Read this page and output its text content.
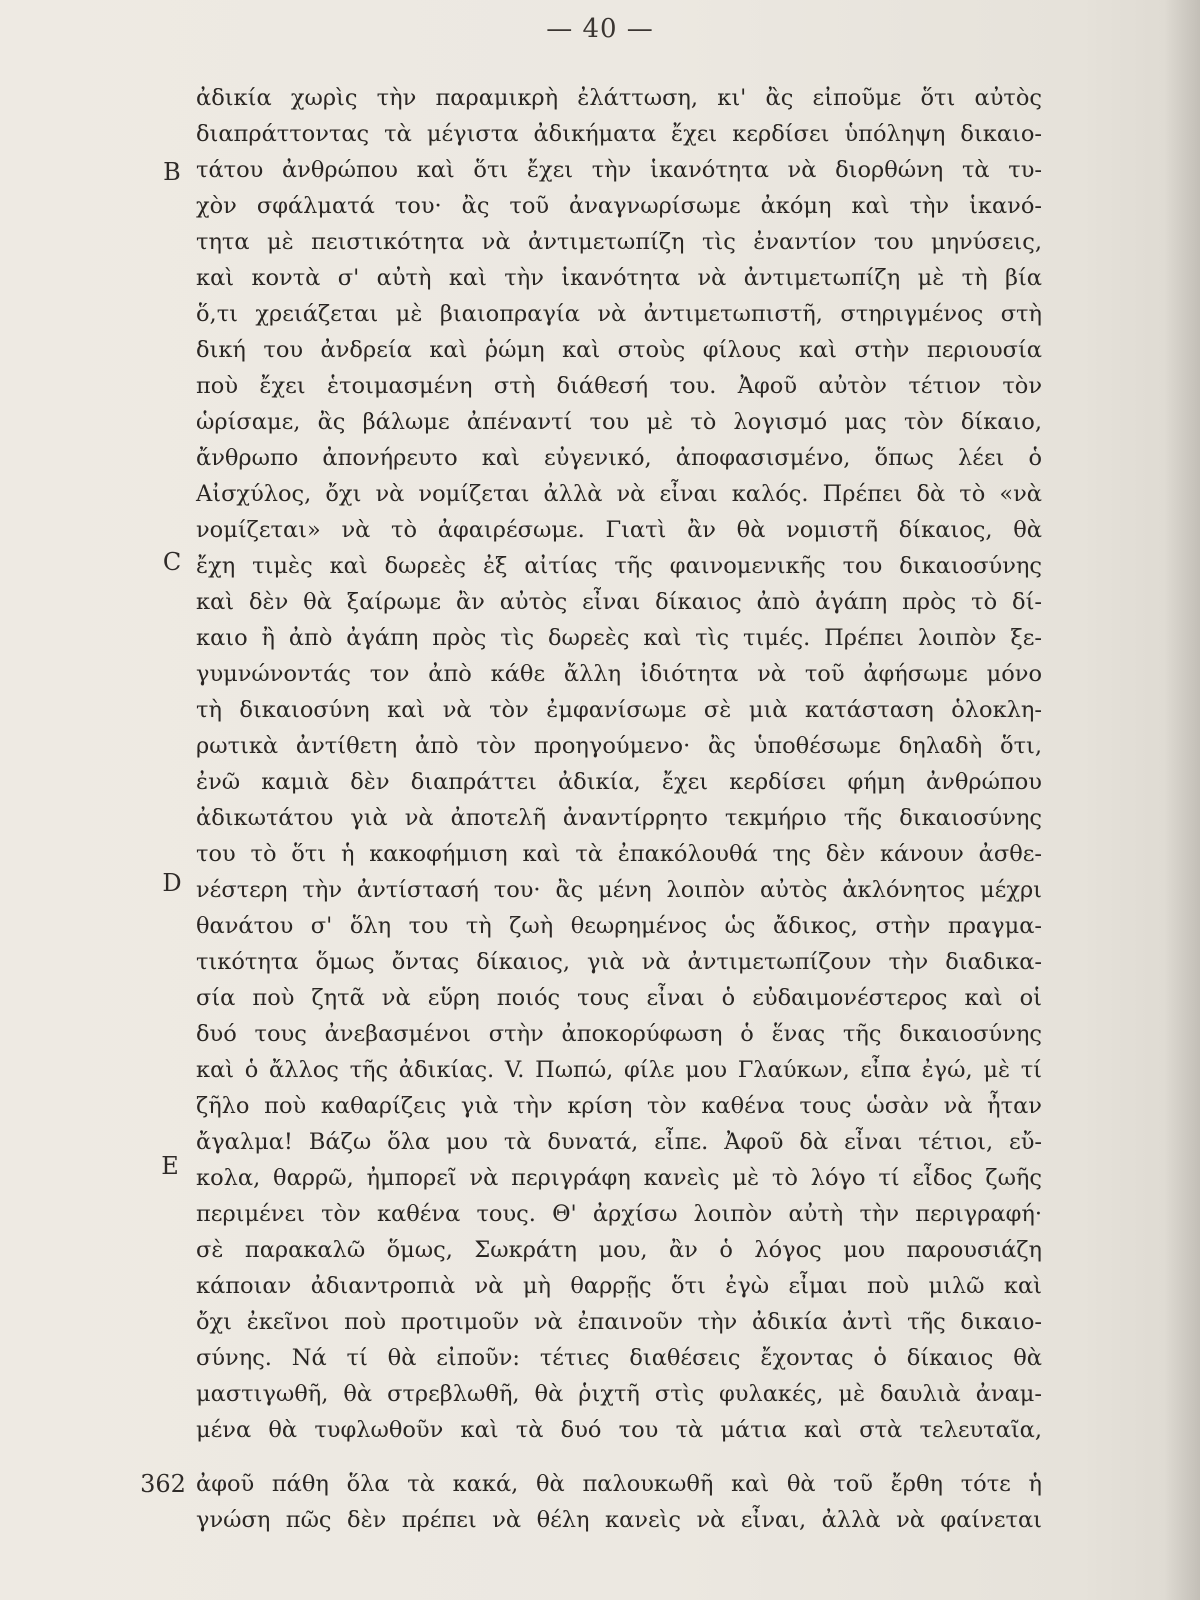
— 40 —
B
C
D
E
362
ἀδικία χωρὶς τὴν παραμικρὴ ἐλάττωση, κι' ἂς εἰποῦμε ὅτι αὐτὸς
διαπράττοντας τὰ μέγιστα ἀδικήματα ἔχει κερδίσει ὑπόληψη δικαιο-
τάτου ἀνθρώπου καὶ ὅτι ἔχει τὴν ἱκανότητα νὰ διορθώνη τὰ τυ-
χὸν σφάλματά του· ἂς τοῦ ἀναγνωρίσωμε ἀκόμη καὶ τὴν ἱκανό-
τητα μὲ πειστικότητα νὰ ἀντιμετωπίζη τὶς ἐναντίον του μηνύσεις,
καὶ κοντὰ σ' αὐτὴ καὶ τὴν ἱκανότητα νὰ ἀντιμετωπίζη μὲ τὴ βία
ὅ,τι χρειάζεται μὲ βιαιοπραγία νὰ ἀντιμετωπιστῆ, στηριγμένος στὴ
δική του ἀνδρεία καὶ ῥώμη καὶ στοὺς φίλους καὶ στὴν περιουσία
ποὺ ἔχει ἑτοιμασμένη στὴ διάθεσή του. Ἀφοῦ αὐτὸν τέτιον τὸν
ὡρίσαμε, ἂς βάλωμε ἀπέναντί του μὲ τὸ λογισμό μας τὸν δίκαιο,
ἄνθρωπο ἀπονήρευτο καὶ εὐγενικό, ἀποφασισμένο, ὅπως λέει ὁ
Αἰσχύλος, ὄχι νὰ νομίζεται ἀλλὰ νὰ εἶναι καλός. Πρέπει δὰ τὸ «νὰ
νομίζεται» νὰ τὸ ἀφαιρέσωμε. Γιατὶ ἂν θὰ νομιστῆ δίκαιος, θὰ
ἔχη τιμὲς καὶ δωρεὲς ἐξ αἰτίας τῆς φαινομενικῆς του δικαιοσύνης
καὶ δὲν θὰ ξαίρωμε ἂν αὐτὸς εἶναι δίκαιος ἀπὸ ἀγάπη πρὸς τὸ δί-
καιο ἢ ἀπὸ ἀγάπη πρὸς τὶς δωρεὲς καὶ τὶς τιμές. Πρέπει λοιπὸν ξε-
γυμνώνοντάς τον ἀπὸ κάθε ἄλλη ἰδιότητα νὰ τοῦ ἀφήσωμε μόνο
τὴ δικαιοσύνη καὶ νὰ τὸν ἐμφανίσωμε σὲ μιὰ κατάσταση ὁλοκλη-
ρωτικὰ ἀντίθετη ἀπὸ τὸν προηγούμενο· ἂς ὑποθέσωμε δηλαδὴ ὅτι,
ἐνῶ καμιὰ δὲν διαπράττει ἀδικία, ἔχει κερδίσει φήμη ἀνθρώπου
ἀδικωτάτου γιὰ νὰ ἀποτελῆ ἀναντίρρητο τεκμήριο τῆς δικαιοσύνης
του τὸ ὅτι ἡ κακοφήμιση καὶ τὰ ἐπακόλουθά της δὲν κάνουν ἀσθε-
νέστερη τὴν ἀντίστασή του· ἂς μένη λοιπὸν αὐτὸς ἀκλόνητος μέχρι
θανάτου σ' ὅλη του τὴ ζωὴ θεωρημένος ὡς ἄδικος, στὴν πραγμα-
τικότητα ὅμως ὄντας δίκαιος, γιὰ νὰ ἀντιμετωπίζουν τὴν διαδικα-
σία ποὺ ζητᾶ νὰ εὕρη ποιός τους εἶναι ὁ εὐδαιμονέστερος καὶ οἱ
δυό τους ἀνεβασμένοι στὴν ἀποκορύφωση ὁ ἕνας τῆς δικαιοσύνης
καὶ ὁ ἄλλος τῆς ἀδικίας. V. Πωπώ, φίλε μου Γλαύκων, εἶπα ἐγώ, μὲ τί
ζῆλο ποὺ καθαρίζεις γιὰ τὴν κρίση τὸν καθένα τους ὡσὰν νὰ ἦταν
ἄγαλμα! Βάζω ὅλα μου τὰ δυνατά, εἶπε. Ἀφοῦ δὰ εἶναι τέτιοι, εὔ-
κολα, θαρρῶ, ἠμπορεῖ νὰ περιγράφη κανεὶς μὲ τὸ λόγο τί εἶδος ζωῆς
περιμένει τὸν καθένα τους. Θ' ἀρχίσω λοιπὸν αὐτὴ τὴν περιγραφή·
σὲ παρακαλῶ ὅμως, Σωκράτη μου, ἂν ὁ λόγος μου παρουσιάζη
κάποιαν ἀδιαντροπιὰ νὰ μὴ θαρρῇς ὅτι ἐγὼ εἶμαι ποὺ μιλῶ καὶ
ὄχι ἐκεῖνοι ποὺ προτιμοῦν νὰ ἐπαινοῦν τὴν ἀδικία ἀντὶ τῆς δικαιο-
σύνης. Νά τί θὰ εἰποῦν: τέτιες διαθέσεις ἔχοντας ὁ δίκαιος θὰ
μαστιγωθῆ, θὰ στρεβλωθῆ, θὰ ῥιχτῆ στὶς φυλακές, μὲ δαυλιὰ ἀναμ-
μένα θὰ τυφλωθοῦν καὶ τὰ δυό του τὰ μάτια καὶ στὰ τελευταῖα,
ἀφοῦ πάθη ὅλα τὰ κακά, θὰ παλουκωθῆ καὶ θὰ τοῦ ἔρθη τότε ἡ
γνώση πῶς δὲν πρέπει νὰ θέλη κανεὶς νὰ εἶναι, ἀλλὰ νὰ φαίνεται
